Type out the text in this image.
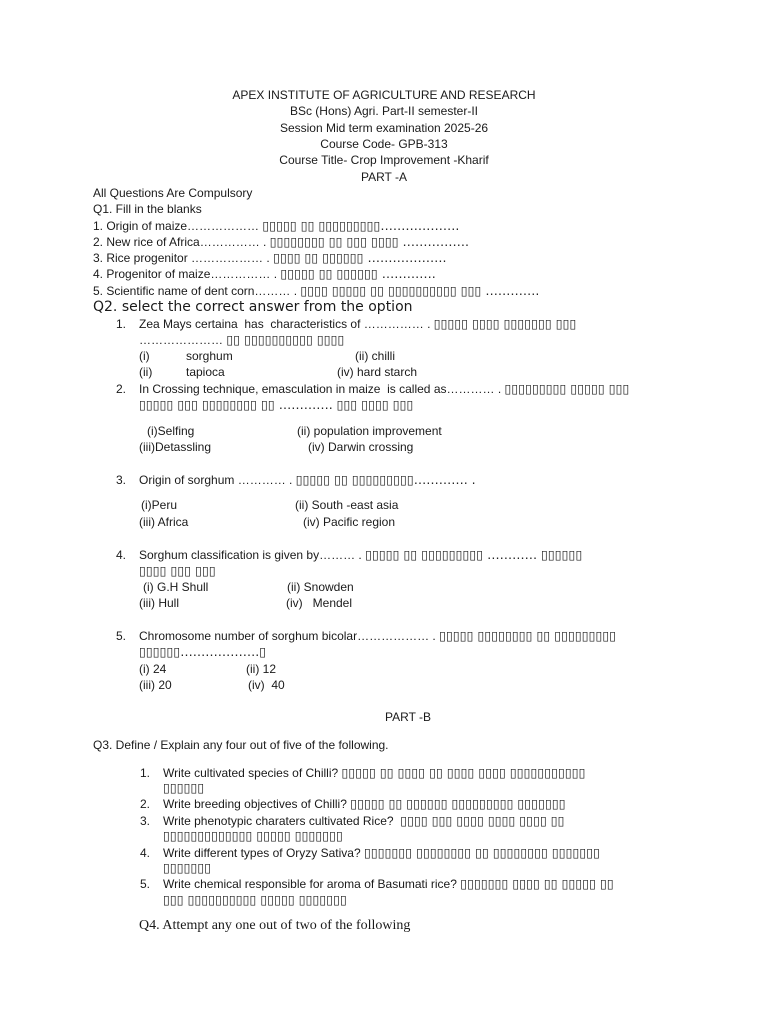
APEX INSTITUTE OF AGRICULTURE AND RESEARCH
BSc (Hons) Agri. Part-II semester-II
Session Mid term examination 2025-26
Course Code- GPB-313
Course Title- Crop Improvement -Kharif
PART -A
All Questions Are Compulsory
Q1. Fill in the blanks
1. Origin of maize……………… ▯▯▯▯▯ ▯▯ ▯▯▯▯▯▯▯▯▯……………….
2. New rice of Africa…………… . ▯▯▯▯▯▯▯▯ ▯▯ ▯▯▯ ▯▯▯▯ …………….
3. Rice progenitor ……………… . ▯▯▯▯ ▯▯ ▯▯▯▯▯▯ ……………….
4. Progenitor of maize…………… . ▯▯▯▯▯ ▯▯ ▯▯▯▯▯▯ ………….
5. Scientific name of dent corn……… . ▯▯▯▯ ▯▯▯▯▯ ▯▯ ▯▯▯▯▯▯▯▯▯▯ ▯▯▯ ………….
Q2. select the correct answer from the option
1. Zea Mays certaina  has  characteristics of …………… . ▯▯▯▯▯ ▯▯▯▯ ▯▯▯▯▯▯▯ ▯▯▯
………………… ▯▯ ▯▯▯▯▯▯▯▯▯▯ ▯▯▯▯
(i)	sorghum	(ii) chilli
(ii)	tapioca	(iv) hard starch
2. In Crossing technique, emasculation in maize  is called as………… . ▯▯▯▯▯▯▯▯▯ ▯▯▯▯▯ ▯▯▯
▯▯▯▯▯ ▯▯▯ ▯▯▯▯▯▯▯▯ ▯▯ …………. ▯▯▯ ▯▯▯▯ ▯▯▯
(i)Selfing	(ii) population improvement
(iii)Detassling	(iv) Darwin crossing
3. Origin of sorghum ………… . ▯▯▯▯▯ ▯▯ ▯▯▯▯▯▯▯▯▯…………. .
(i)Peru	(ii) South -east asia
(iii) Africa	(iv) Pacific region
4. Sorghum classification is given by……… . ▯▯▯▯▯ ▯▯ ▯▯▯▯▯▯▯▯▯ ………… ▯▯▯▯▯▯
▯▯▯▯ ▯▯▯ ▯▯▯
(i) G.H Shull	(ii) Snowden
(iii) Hull	(iv)   Mendel
5. Chromosome number of sorghum bicolar……………… . ▯▯▯▯▯ ▯▯▯▯▯▯▯▯ ▯▯ ▯▯▯▯▯▯▯▯▯
▯▯▯▯▯▯……………….▯
(i) 24	(ii) 12
(iii) 20	(iv)  40
PART -B
Q3. Define / Explain any four out of five of the following.
1. Write cultivated species of Chilli? ▯▯▯▯▯ ▯▯ ▯▯▯▯ ▯▯ ▯▯▯▯ ▯▯▯▯ ▯▯▯▯▯▯▯▯▯▯▯
▯▯▯▯▯▯
2. Write breeding objectives of Chilli? ▯▯▯▯▯ ▯▯ ▯▯▯▯▯▯ ▯▯▯▯▯▯▯▯▯ ▯▯▯▯▯▯▯
3. Write phenotypic charaters cultivated Rice?  ▯▯▯▯ ▯▯▯ ▯▯▯▯ ▯▯▯▯ ▯▯▯▯ ▯▯
▯▯▯▯▯▯▯▯▯▯▯▯▯ ▯▯▯▯▯ ▯▯▯▯▯▯▯
4. Write different types of Oryzy Sativa? ▯▯▯▯▯▯▯ ▯▯▯▯▯▯▯▯ ▯▯ ▯▯▯▯▯▯▯▯ ▯▯▯▯▯▯▯
▯▯▯▯▯▯▯
5. Write chemical responsible for aroma of Basumati rice? ▯▯▯▯▯▯▯ ▯▯▯▯ ▯▯ ▯▯▯▯▯ ▯▯
▯▯▯ ▯▯▯▯▯▯▯▯▯▯ ▯▯▯▯▯ ▯▯▯▯▯▯▯
Q4. Attempt any one out of two of the following
